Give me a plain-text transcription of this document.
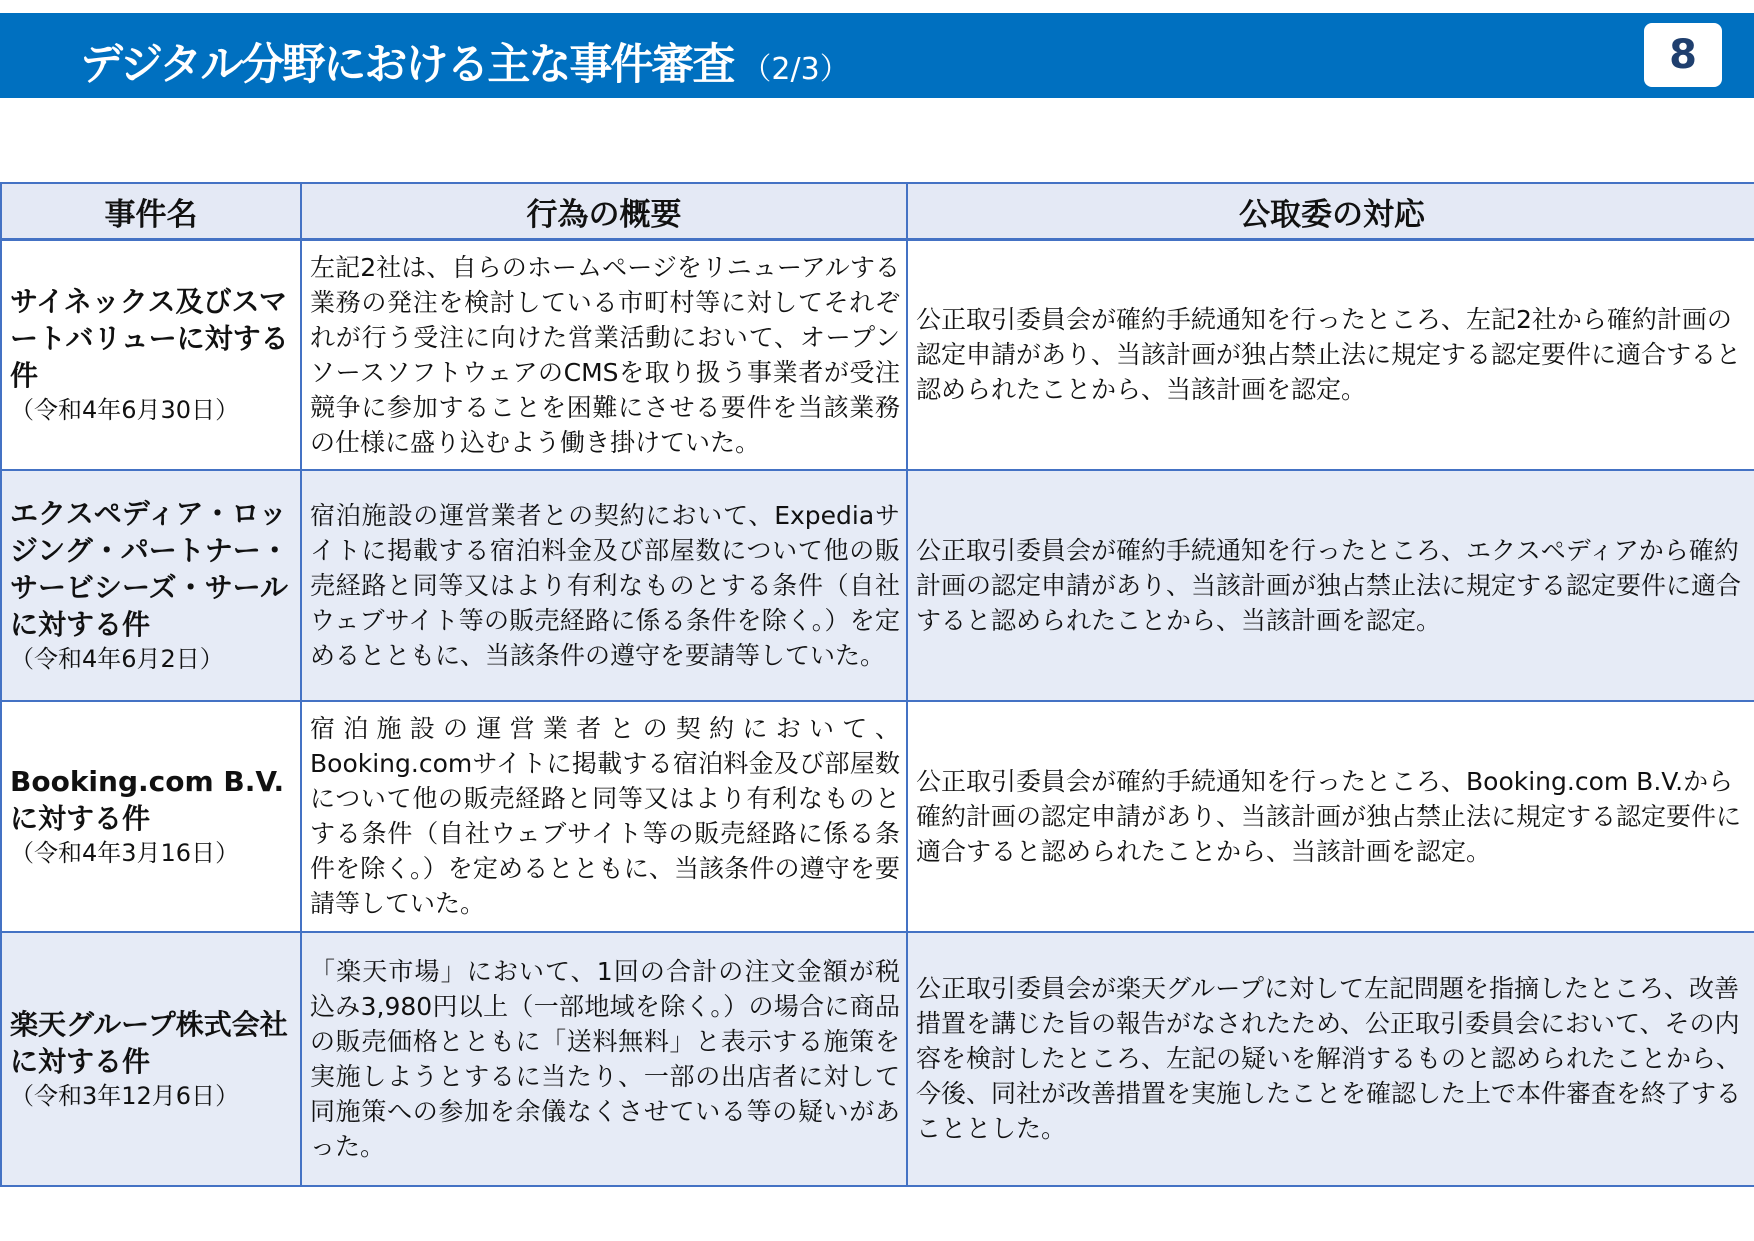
デジタル分野における主な事件審査 （2/3）	8
事件名	行為の概要	公取委の対応
サイネックス及びスマートバリューに対する件
（令和4年6月30日）	左記2社は、自らのホームページをリニューアルする業務の発注を検討している市町村等に対してそれぞれが行う受注に向けた営業活動において、オープンソースソフトウェアのCMSを取り扱う事業者が受注競争に参加することを困難にさせる要件を当該業務の仕様に盛り込むよう働き掛けていた。	公正取引委員会が確約手続通知を行ったところ、左記2社から確約計画の認定申請があり、当該計画が独占禁止法に規定する認定要件に適合すると認められたことから、当該計画を認定。
エクスペディア・ロッジング・パートナー・サービシーズ・サールに対する件
（令和4年6月2日）	宿泊施設の運営業者との契約において、Expediaサイトに掲載する宿泊料金及び部屋数について他の販売経路と同等又はより有利なものとする条件（自社ウェブサイト等の販売経路に係る条件を除く。）を定めるとともに、当該条件の遵守を要請等していた。	公正取引委員会が確約手続通知を行ったところ、エクスペディアから確約計画の認定申請があり、当該計画が独占禁止法に規定する認定要件に適合すると認められたことから、当該計画を認定。
Booking.com B.V.に対する件
（令和4年3月16日）	宿泊施設の運営業者との契約において、Booking.comサイトに掲載する宿泊料金及び部屋数について他の販売経路と同等又はより有利なものとする条件（自社ウェブサイト等の販売経路に係る条件を除く。）を定めるとともに、当該条件の遵守を要請等していた。	公正取引委員会が確約手続通知を行ったところ、Booking.com B.V.から確約計画の認定申請があり、当該計画が独占禁止法に規定する認定要件に適合すると認められたことから、当該計画を認定。
楽天グループ株式会社に対する件
（令和3年12月6日）	「楽天市場」において、1回の合計の注文金額が税込み3,980円以上（一部地域を除く。）の場合に商品の販売価格とともに「送料無料」と表示する施策を実施しようとするに当たり、一部の出店者に対して同施策への参加を余儀なくさせている等の疑いがあった。	公正取引委員会が楽天グループに対して左記問題を指摘したところ、改善措置を講じた旨の報告がなされたため、公正取引委員会において、その内容を検討したところ、左記の疑いを解消するものと認められたことから、今後、同社が改善措置を実施したことを確認した上で本件審査を終了することとした。
